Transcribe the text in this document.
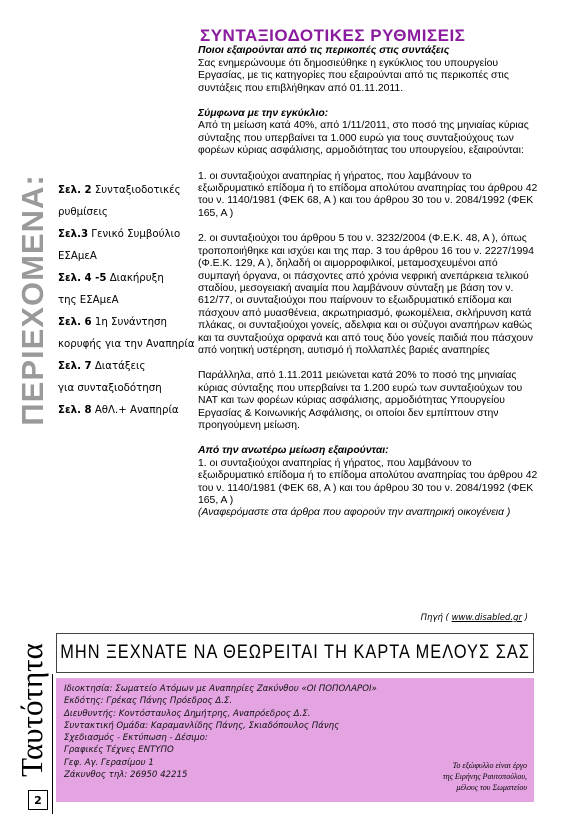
ΠΕΡΙΕΧΟΜΕΝΑ: Σελ. 2 Συνταξιοδοτικές
ρυθμίσεις
Σελ.3 Γενικό Συμβούλιο
ΕΣΑμεΑ
Σελ. 4 -5 Διακήρυξη
της ΕΣΑμεΑ
Σελ. 6 1η Συνάντηση
κορυφής για την Αναπηρία
Σελ. 7 Διατάξεις
για συνταξιοδότηση
Σελ. 8 ΑθΛ.+ Αναπηρία
ΣΥΝΤΑΞΙΟΔΟΤΙΚΕΣ ΡΥΘΜΙΣΕΙΣ

Ποιοι εξαιρούνται από τις περικοπές στις συντάξεις

Σας ενημερώνουμε ότι δημοσιεύθηκε η εγκύκλιος του υπουργείου Εργασίας, με τις κατηγορίες που εξαιρούνται από τις περικοπές στις συντάξεις που επιβλήθηκαν από 01.11.2011.

Σύμφωνα με την εγκύκλιο:

Από τη μείωση κατά 40%, από 1/11/2011, στο ποσό της μηνιαίας κύριας σύνταξης που υπερβαίνει τα 1.000 ευρώ για τους συνταξιούχους των φορέων κύριας ασφάλισης, αρμοδιότητας του υπουργείου, εξαιρούνται:

1. οι συνταξιούχοι αναπηρίας ή γήρατος, που λαμβάνουν το εξωιδρυματικό επίδομα ή το επίδομα απολύτου αναπηρίας του άρθρου 42 του ν. 1140/1981 (ΦΕΚ 68, Α ) και του άρθρου 30 του ν. 2084/1992 (ΦΕΚ 165, Α )

2. οι συνταξιούχοι του άρθρου 5 του ν. 3232/2004 (Φ.Ε.Κ. 48, Α ), όπως τροποποιήθηκε και ισχύει και της παρ. 3 του άρθρου 16 του ν. 2227/1994 (Φ.Ε.Κ. 129, Α ), δηλαδή οι αιμορροφιλικοί, μεταμοσχευμένοι από συμπαγή όργανα, οι πάσχοντες από χρόνια νεφρική ανεπάρκεια τελικού σταδίου, μεσογειακή αναιμία που λαμβάνουν σύνταξη με βάση τον ν. 612/77, οι συνταξιούχοι που παίρνουν το εξωιδρυματικό επίδομα και πάσχουν από μυασθένεια, ακρωτηριασμό, φωκομέλεια, σκλήρυνση κατά πλάκας, οι συνταξιούχοι γονείς, αδελφια και οι σύζυγοι αναπήρων καθώς και τα συνταξιούχα ορφανά και από τους δύο γονείς παιδιά που πάσχουν από νοητική υστέρηση, αυτισμό ή πολλαπλές βαριές αναπηρίες

Παράλληλα, από 1.11.2011 μειώνεται κατά 20% το ποσό της μηνιαίας κύριας σύνταξης που υπερβαίνει τα 1.200 ευρώ των συνταξιούχων του ΝΑΤ και των φορέων κύριας ασφάλισης, αρμοδιότητας Υπουργείου Εργασίας & Κοινωνικής Ασφάλισης, οι οποίοι δεν εμπίπτουν στην προηγούμενη μείωση.

Από την ανωτέρω μείωση εξαιρούνται:

1. οι συνταξιούχοι αναπηρίας ή γήρατος, που λαμβάνουν το εξωιδρυματικό επίδομα ή το επίδομα απολύτου αναπηρίας του άρθρου 42 του ν. 1140/1981 (ΦΕΚ 68, Α ) και του άρθρου 30 του ν. 2084/1992 (ΦΕΚ 165, Α )

(Αναφερόμαστε στα άρθρα που αφορούν την αναπηρική οικογένεια )

Πηγή ( www.disabled.gr )
ΜΗΝ ΞΕΧΝΑΤΕ ΝΑ ΘΕΩΡΕΙΤΑΙ ΤΗ ΚΑΡΤΑ ΜΕΛΟΥΣ ΣΑΣ
Ταυτότητα Ιδιοκτησία: Σωματείο Ατόμων με Αναπηρίες Ζακύνθου «ΟΙ ΠΟΠΟΛΑΡΟΙ»
Εκδότης: Γρέκας Πάνης Πρόεδρος Δ.Σ.
Διευθυντής: Κοντόσταυλος Δημήτρης, Αναπρόεδρος Δ.Σ.
Συντακτική Ομάδα: Καραμανλίδης Πάνης, Σκιαδόπουλος Πάνης
Σχεδιασμός - Εκτύπωση - Δέσιμο:
Γραφικές Τέχνες ΕΝΤΥΠΟ
Γεφ. Αγ. Γερασίμου 1
Ζάκυνθος τηλ: 26950 42215
Το εξώφυλλο είναι έργο
της Ειρήνης Ραυτοπούλου,
μέλους του Σωματείου
2
